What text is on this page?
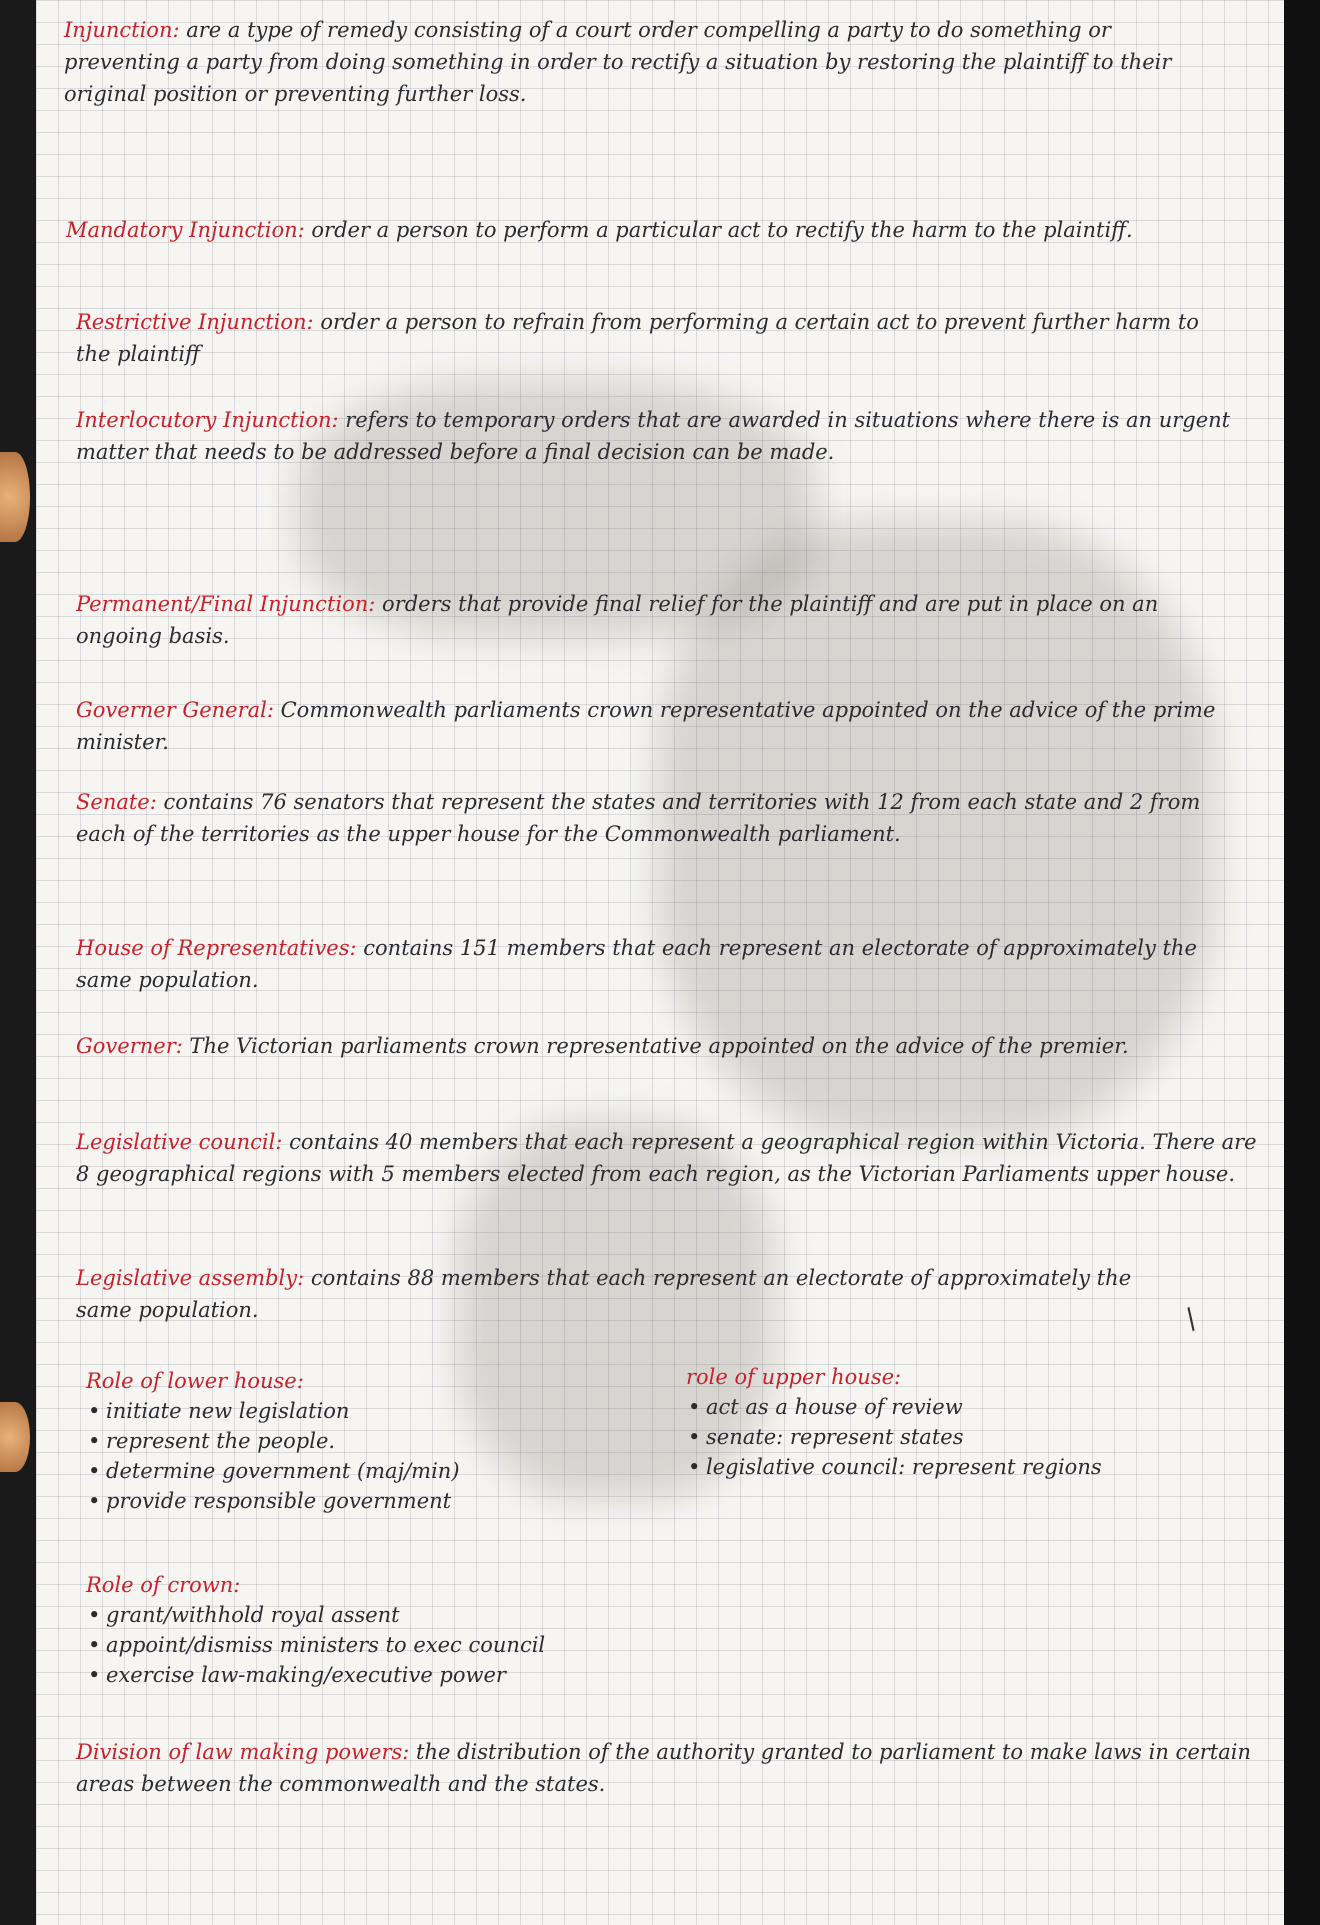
Injunction: are a type of remedy consisting of a court order compelling a party to do something or preventing a party from doing something in order to rectify a situation by restoring the plaintiff to their original position or preventing further loss.
Mandatory Injunction: order a person to perform a particular act to rectify the harm to the plaintiff.
Restrictive Injunction: order a person to refrain from performing a certain act to prevent further harm to the plaintiff
Interlocutory Injunction: refers to temporary orders that are awarded in situations where there is an urgent matter that needs to be addressed before a final decision can be made.
Permanent/Final Injunction: orders that provide final relief for the plaintiff and are put in place on an ongoing basis.
Governer General: Commonwealth parliaments crown representative appointed on the advice of the prime minister.
Senate: contains 76 senators that represent the states and territories with 12 from each state and 2 from each of the territories as the upper house for the Commonwealth parliament.
House of Representatives: contains 151 members that each represent an electorate of approximately the same population.
Governer: The Victorian parliaments crown representative appointed on the advice of the premier.
Legislative council: contains 40 members that each represent a geographical region within Victoria. There are 8 geographical regions with 5 members elected from each region, as the Victorian Parliaments upper house.
Legislative assembly: contains 88 members that each represent an electorate of approximately the same population.	/
Role of lower house:
• initiate new legislation
• represent the people.
• determine government (maj/min)
• provide responsible government
role of upper house:
• act as a house of review
• senate: represent states
• legislative council: represent regions
Role of crown:
• grant/withhold royal assent
• appoint/dismiss ministers to exec council
• exercise law-making/executive power
Division of law making powers: the distribution of the authority granted to parliament to make laws in certain areas between the commonwealth and the states.
